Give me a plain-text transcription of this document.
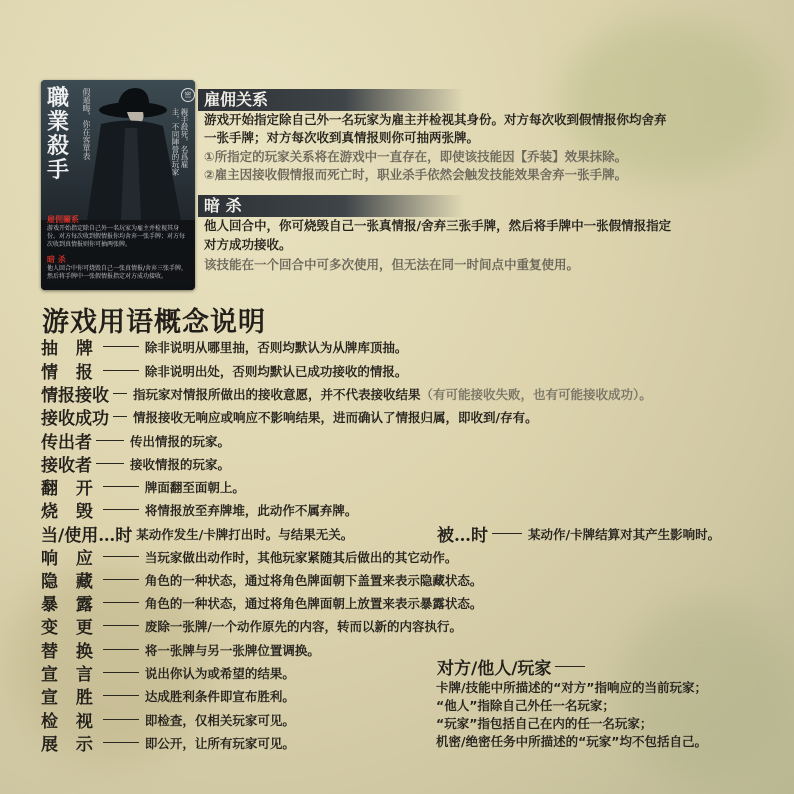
職業殺手
假遁晦，你在客單表	親手殺死，名爲雇主，不同陣營的玩家
密
雇佣關系
游戏开始指定除自己外一名玩家为雇主并检视其身份。对方每次收到假情报你均舍弃一张手牌；对方每次收到真情报则你可抽两张牌。
暗 杀
他人回合中你可烧毁自己一张真情报/舍弃三张手牌，然后将手牌中一张假情报指定对方成功接收。
雇佣关系
游戏开始指定除自己外一名玩家为雇主并检视其身份。对方每次收到假情报你均舍弃
一张手牌；对方每次收到真情报则你可抽两张牌。
①所指定的玩家关系将在游戏中一直存在，即使该技能因【乔装】效果抹除。
②雇主因接收假情报而死亡时，职业杀手依然会触发技能效果舍弃一张手牌。
暗 杀
他人回合中，你可烧毁自己一张真情报/舍弃三张手牌，然后将手牌中一张假情报指定
对方成功接收。
该技能在一个回合中可多次使用，但无法在同一时间点中重复使用。
游戏用语概念说明
抽 牌	除非说明从哪里抽，否则均默认为从牌库顶抽。
情 报	除非说明出处，否则均默认已成功接收的情报。
情报接收 指玩家对情报所做出的接收意愿，并不代表接收结果（有可能接收失败，也有可能接收成功）。
接收成功 情报接收无响应或响应不影响结果，进而确认了情报归属，即收到/存有。
传出者	传出情报的玩家。
接收者	接收情报的玩家。
翻 开	牌面翻至面朝上。
烧 毁	将情报放至弃牌堆，此动作不属弃牌。
当/使用…时 某动作发生/卡牌打出时。与结果无关。	被…时	某动作/卡牌结算对其产生影响时。
响 应	当玩家做出动作时，其他玩家紧随其后做出的其它动作。
隐 藏	角色的一种状态，通过将角色牌面朝下盖置来表示隐藏状态。
暴 露	角色的一种状态，通过将角色牌面朝上放置来表示暴露状态。
变 更	废除一张牌/一个动作原先的内容，转而以新的内容执行。
替 换	将一张牌与另一张牌位置调换。
宣 言	说出你认为或希望的结果。
宣 胜	达成胜利条件即宣布胜利。
检 视	即检查，仅相关玩家可见。
展 示	即公开，让所有玩家可见。
对方/他人/玩家
卡牌/技能中所描述的“对方”指响应的当前玩家；
“他人”指除自己外任一名玩家；
“玩家”指包括自己在内的任一名玩家；
机密/绝密任务中所描述的“玩家”均不包括自己。
